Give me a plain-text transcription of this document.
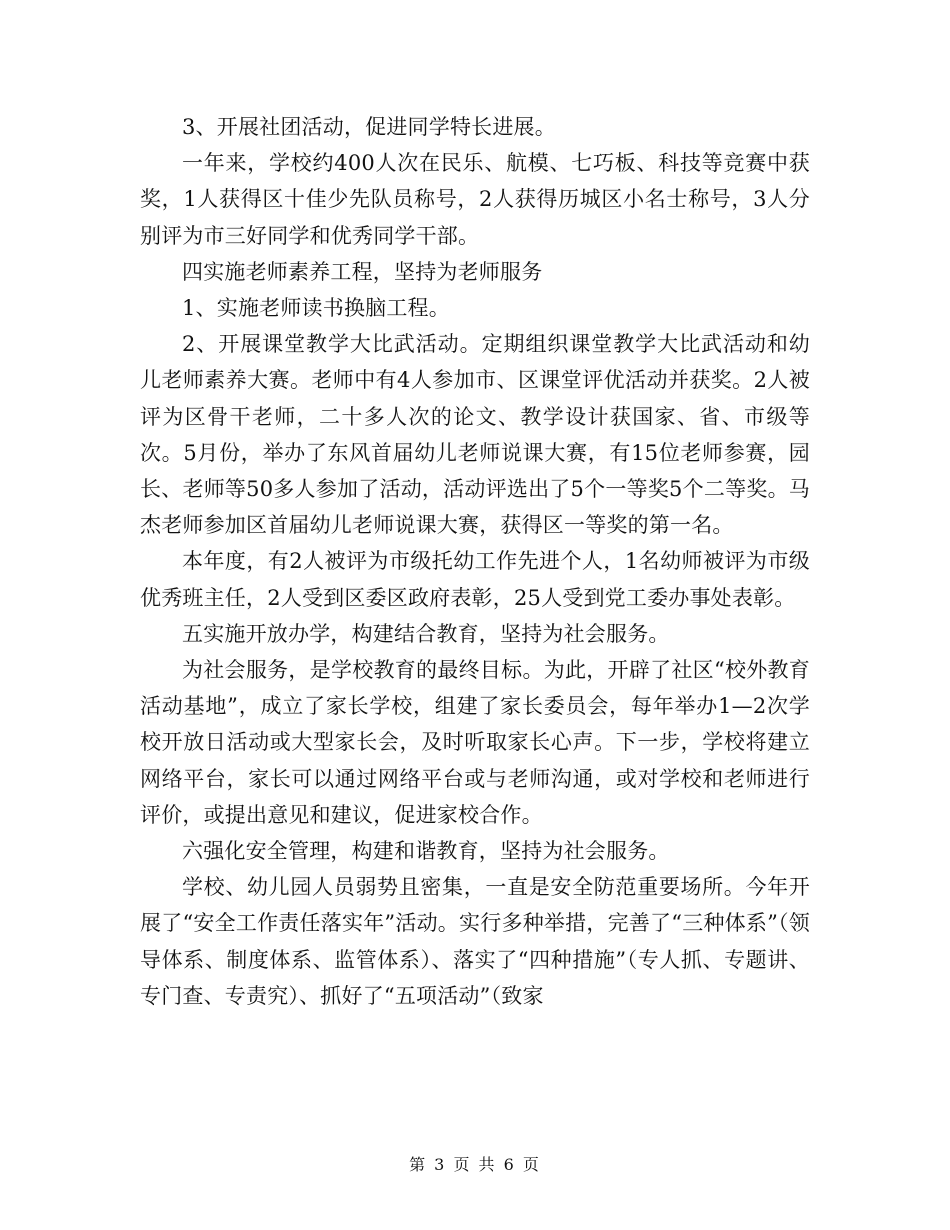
3、开展社团活动，促进同学特长进展。

一年来，学校约400人次在民乐、航模、七巧板、科技等竞赛中获奖，1人获得区十佳少先队员称号，2人获得历城区小名士称号，3人分别评为市三好同学和优秀同学干部。

四实施老师素养工程，坚持为老师服务

1、实施老师读书换脑工程。

2、开展课堂教学大比武活动。定期组织课堂教学大比武活动和幼儿老师素养大赛。老师中有4人参加市、区课堂评优活动并获奖。2人被评为区骨干老师，二十多人次的论文、教学设计获国家、省、市级等次。5月份，举办了东风首届幼儿老师说课大赛，有15位老师参赛，园长、老师等50多人参加了活动，活动评选出了5个一等奖5个二等奖。马杰老师参加区首届幼儿老师说课大赛，获得区一等奖的第一名。

本年度，有2人被评为市级托幼工作先进个人，1名幼师被评为市级优秀班主任，2人受到区委区政府表彰，25人受到党工委办事处表彰。

五实施开放办学，构建结合教育，坚持为社会服务。

为社会服务，是学校教育的最终目标。为此，开辟了社区“校外教育活动基地”，成立了家长学校，组建了家长委员会，每年举办1—2次学校开放日活动或大型家长会，及时听取家长心声。下一步，学校将建立网络平台，家长可以通过网络平台或与老师沟通，或对学校和老师进行评价，或提出意见和建议，促进家校合作。

六强化安全管理，构建和谐教育，坚持为社会服务。

学校、幼儿园人员弱势且密集，一直是安全防范重要场所。今年开展了“安全工作责任落实年”活动。实行多种举措，完善了“三种体系”（领导体系、制度体系、监管体系）、落实了“四种措施”（专人抓、专题讲、专门查、专责究）、抓好了“五项活动”（致家

第 3 页 共 6 页
